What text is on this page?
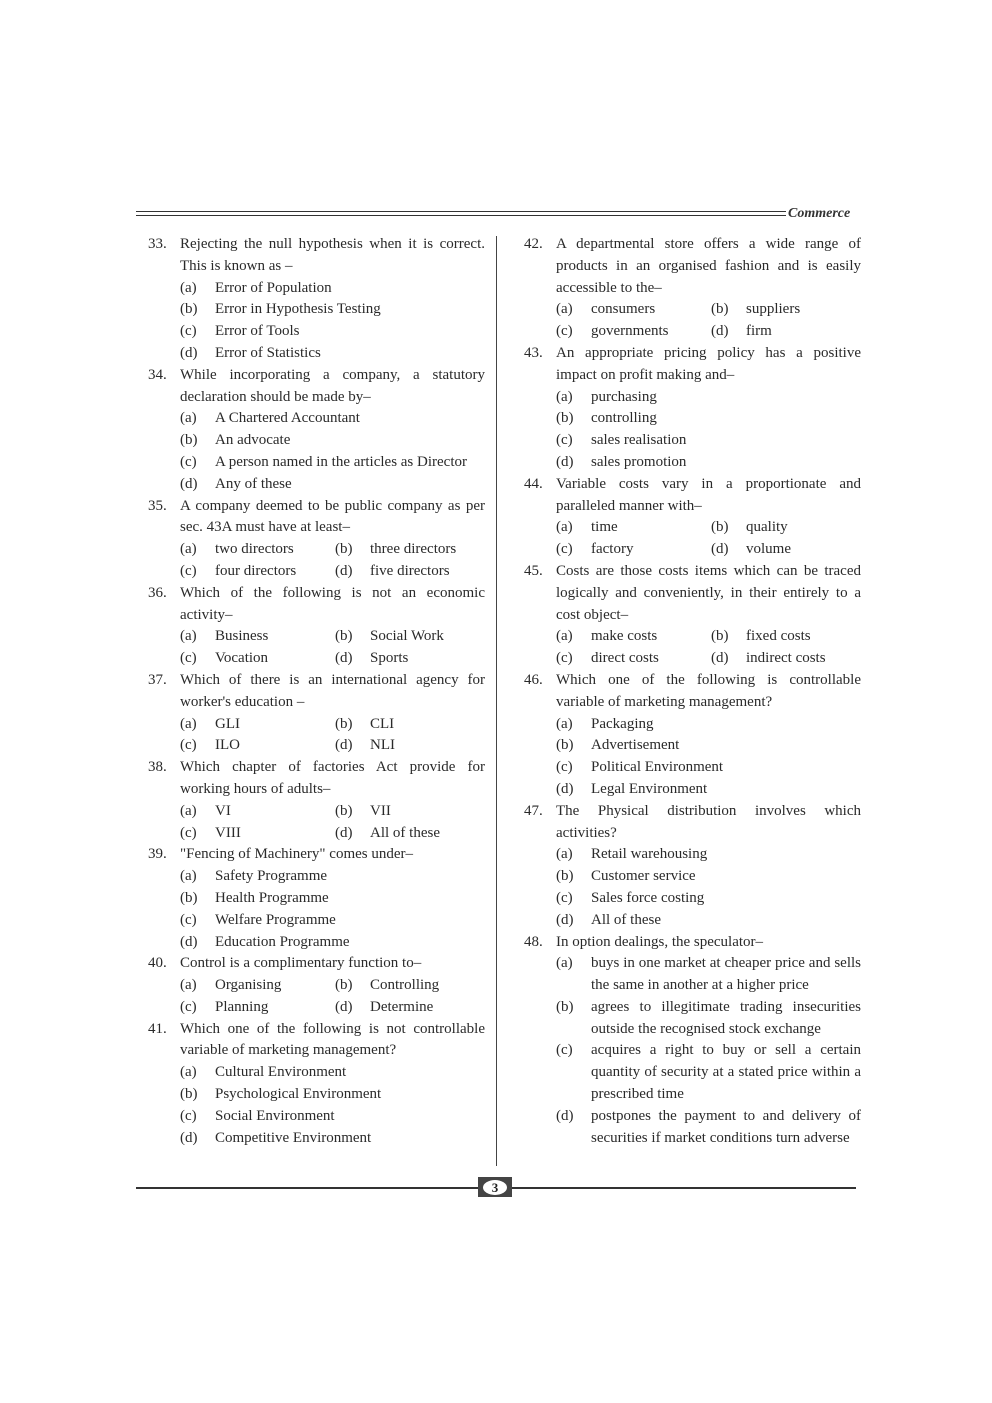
Commerce
33. Rejecting the null hypothesis when it is correct. This is known as –
(a)	Error of Population
(b)	Error in Hypothesis Testing
(c)	Error of Tools
(d)	Error of Statistics
34. While incorporating a company, a statutory declaration should be made by–
(a)	A Chartered Accountant
(b)	An advocate
(c)	A person named in the articles as Director
(d)	Any of these
35. A company deemed to be public company as per sec. 43A must have at least–
(a)	two directors	(b)	three directors
(c)	four directors	(d)	five directors
36. Which of the following is not an economic activity–
(a)	Business	(b)	Social Work
(c)	Vocation	(d)	Sports
37. Which of there is an international agency for worker's education –
(a)	GLI	(b)	CLI
(c)	ILO	(d)	NLI
38. Which chapter of factories Act provide for working hours of adults–
(a)	VI	(b)	VII
(c)	VIII	(d)	All of these
39. "Fencing of Machinery" comes under–
(a)	Safety Programme
(b)	Health Programme
(c)	Welfare Programme
(d)	Education Programme
40. Control is a complimentary function to–
(a)	Organising	(b)	Controlling
(c)	Planning	(d)	Determine
41. Which one of the following is not controllable variable of marketing management?
(a)	Cultural Environment
(b)	Psychological Environment
(c)	Social Environment
(d)	Competitive Environment
42. A departmental store offers a wide range of products in an organised fashion and is easily accessible to the–
(a)	consumers	(b)	suppliers
(c)	governments	(d)	firm
43. An appropriate pricing policy has a positive impact on profit making and–
(a)	purchasing
(b)	controlling
(c)	sales realisation
(d)	sales promotion
44. Variable costs vary in a proportionate and paralleled manner with–
(a)	time	(b)	quality
(c)	factory	(d)	volume
45. Costs are those costs items which can be traced logically and conveniently, in their entirely to a cost object–
(a)	make costs	(b)	fixed costs
(c)	direct costs	(d)	indirect costs
46. Which one of the following is controllable variable of marketing management?
(a)	Packaging
(b)	Advertisement
(c)	Political Environment
(d)	Legal Environment
47. The Physical distribution involves which activities?
(a)	Retail warehousing
(b)	Customer service
(c)	Sales force costing
(d)	All of these
48. In option dealings, the speculator–
(a)	buys in one market at cheaper price and sells the same in another at a higher price
(b)	agrees to illegitimate trading insecurities outside the recognised stock exchange
(c)	acquires a right to buy or sell a certain quantity of security at a stated price within a prescribed time
(d)	postpones the payment to and delivery of securities if market conditions turn adverse
3
